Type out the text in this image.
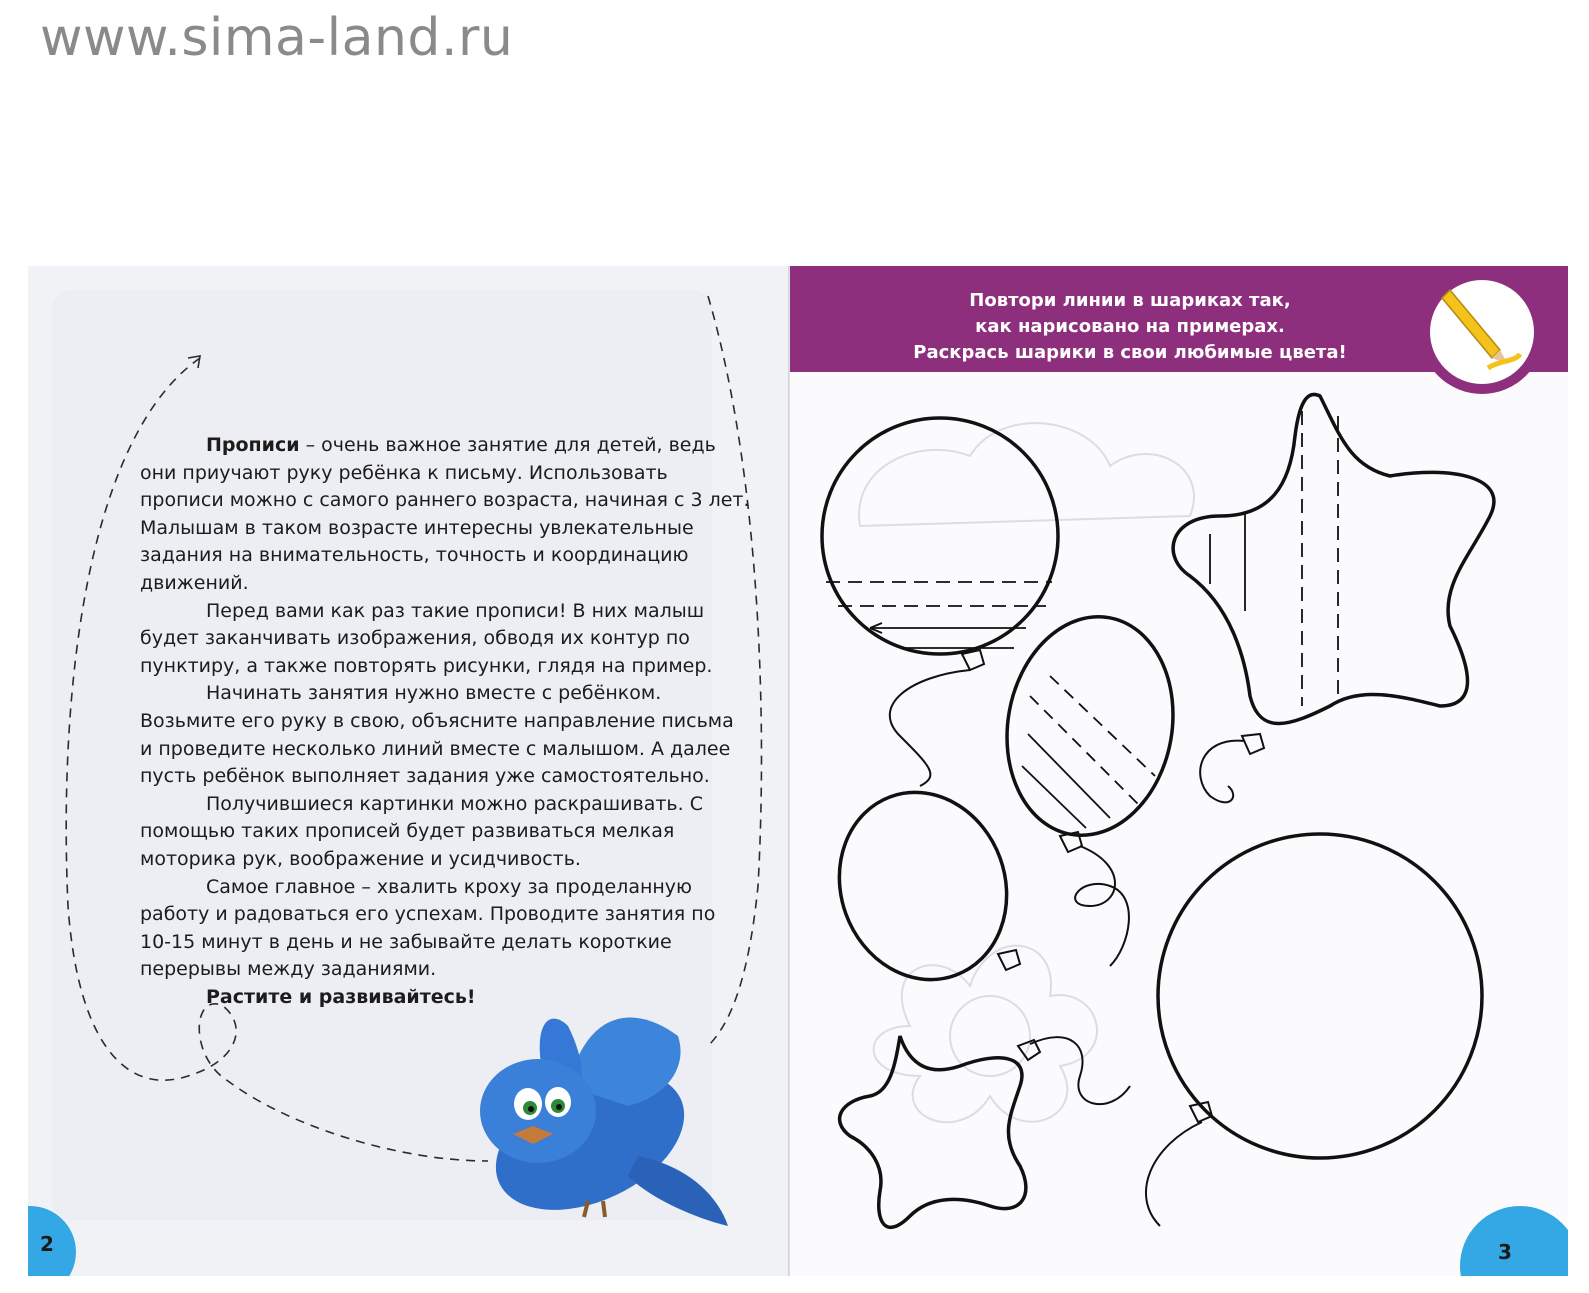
www.sima-land.ru

Прописи – очень важное занятие для детей, ведь они приучают руку ребёнка к письму. Использовать прописи можно с самого раннего возраста, начиная с 3 лет. Малышам в таком возрасте интересны увлекательные задания на внимательность, точность и координацию движений.

Перед вами как раз такие прописи! В них малыш будет заканчивать изображения, обводя их контур по пунктиру, а также повторять рисунки, глядя на пример.

Начинать занятия нужно вместе с ребёнком. Возьмите его руку в свою, объясните направление письма и проведите несколько линий вместе с малышом. А далее пусть ребёнок выполняет задания уже самостоятельно.

Получившиеся картинки можно раскрашивать. С помощью таких прописей будет развиваться мелкая моторика рук, воображение и усидчивость.

Самое главное – хвалить кроху за проделанную работу и радоваться его успехам. Проводите занятия по 10-15 минут в день и не забывайте делать короткие перерывы между заданиями.

Растите и развивайтесь!

2
Повтори линии в шариках так,
как нарисовано на примерах.
Раскрась шарики в свои любимые цвета!
3
